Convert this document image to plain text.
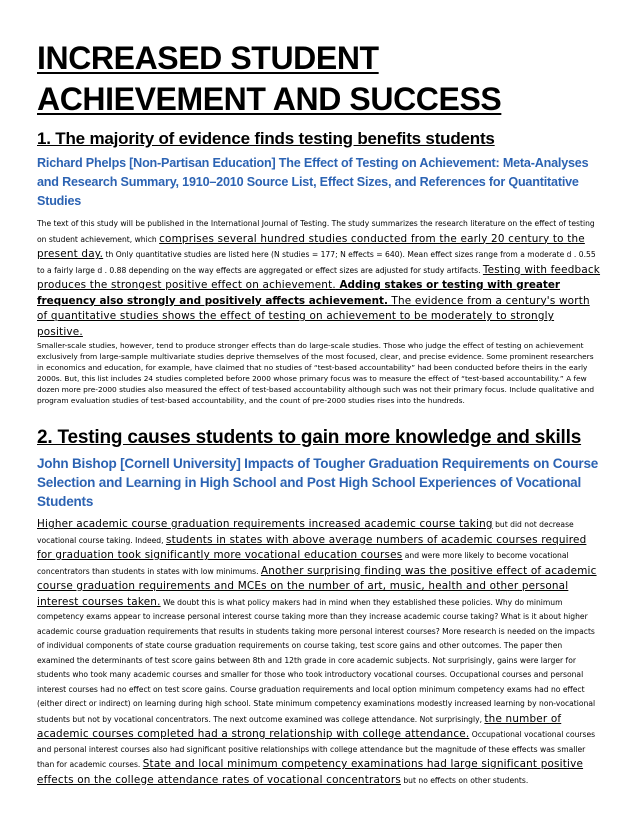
INCREASED STUDENT
ACHIEVEMENT AND SUCCESS
1. The majority of evidence finds testing benefits students
Richard Phelps [Non-Partisan Education] The Effect of Testing on Achievement: Meta-Analyses and Research Summary, 1910–2010 Source List, Effect Sizes, and References for Quantitative Studies

The text of this study will be published in the International Journal of Testing. The study summarizes the research literature on the effect of testing on student achievement, which comprises several hundred studies conducted from the early 20 century to the present day. th Only quantitative studies are listed here (N studies = 177; N effects = 640). Mean effect sizes range from a moderate d . 0.55 to a fairly large d . 0.88 depending on the way effects are aggregated or effect sizes are adjusted for study artifacts. Testing with feedback produces the strongest positive effect on achievement. Adding stakes or testing with greater frequency also strongly and positively affects achievement. The evidence from a century's worth of quantitative studies shows the effect of testing on achievement to be moderately to strongly positive.

Smaller-scale studies, however, tend to produce stronger effects than do large-scale studies. Those who judge the effect of testing on achievement exclusively from large-sample multivariate studies deprive themselves of the most focused, clear, and precise evidence. Some prominent researchers in economics and education, for example, have claimed that no studies of “test-based accountability” had been conducted before theirs in the early 2000s. But, this list includes 24 studies completed before 2000 whose primary focus was to measure the effect of “test-based accountability.” A few dozen more pre-2000 studies also measured the effect of test-based accountability although such was not their primary focus. Include qualitative and program evaluation studies of test-based accountability, and the count of pre-2000 studies rises into the hundreds.

2. Testing causes students to gain more knowledge and skills
John Bishop [Cornell University] Impacts of Tougher Graduation Requirements on Course Selection and Learning in High School and Post High School Experiences of Vocational Students

Higher academic course graduation requirements increased academic course taking but did not decrease vocational course taking. Indeed, students in states with above average numbers of academic courses required for graduation took significantly more vocational education courses and were more likely to become vocational concentrators than students in states with low minimums. Another surprising finding was the positive effect of academic course graduation requirements and MCEs on the number of art, music, health and other personal interest courses taken. We doubt this is what policy makers had in mind when they established these policies. Why do minimum competency exams appear to increase personal interest course taking more than they increase academic course taking? What is it about higher academic course graduation requirements that results in students taking more personal interest courses? More research is needed on the impacts of individual components of state course graduation requirements on course taking, test score gains and other outcomes. The paper then examined the determinants of test score gains between 8th and 12th grade in core academic subjects. Not surprisingly, gains were larger for students who took many academic courses and smaller for those who took introductory vocational courses. Occupational courses and personal interest courses had no effect on test score gains. Course graduation requirements and local option minimum competency exams had no effect (either direct or indirect) on learning during high school. State minimum competency examinations modestly increased learning by non-vocational students but not by vocational concentrators. The next outcome examined was college attendance. Not surprisingly, the number of academic courses completed had a strong relationship with college attendance. Occupational vocational courses and personal interest courses also had significant positive relationships with college attendance but the magnitude of these effects was smaller than for academic courses. State and local minimum competency examinations had large significant positive effects on the college attendance rates of vocational concentrators but no effects on other students.
